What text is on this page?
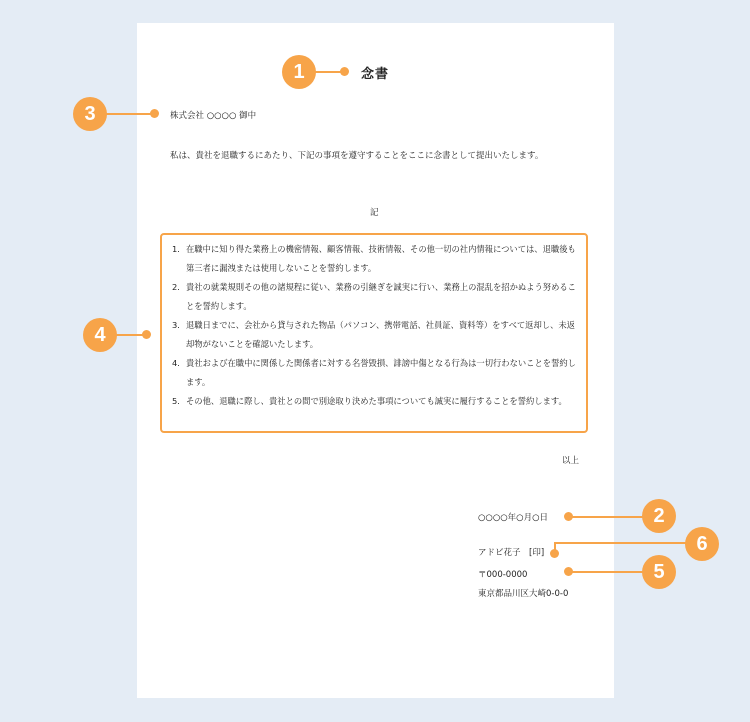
念書
株式会社 ○○○○ 御中
私は、貴社を退職するにあたり、下記の事項を遵守することをここに念書として提出いたします。
記
1. 在職中に知り得た業務上の機密情報、顧客情報、技術情報、その他一切の社内情報については、退職後も第三者に漏洩または使用しないことを誓約します。
2. 貴社の就業規則その他の諸規程に従い、業務の引継ぎを誠実に行い、業務上の混乱を招かぬよう努めることを誓約します。
3. 退職日までに、会社から貸与された物品（パソコン、携帯電話、社員証、資料等）をすべて返却し、未返却物がないことを確認いたします。
4. 貴社および在職中に関係した関係者に対する名誉毀損、誹謗中傷となる行為は一切行わないことを誓約します。
5. その他、退職に際し、貴社との間で別途取り決めた事項についても誠実に履行することを誓約します。
以上
○○○○年○月○日
アドビ花子　[印]
〒000-0000
東京都品川区大崎0-0-0
1
3
4
2
6
5
